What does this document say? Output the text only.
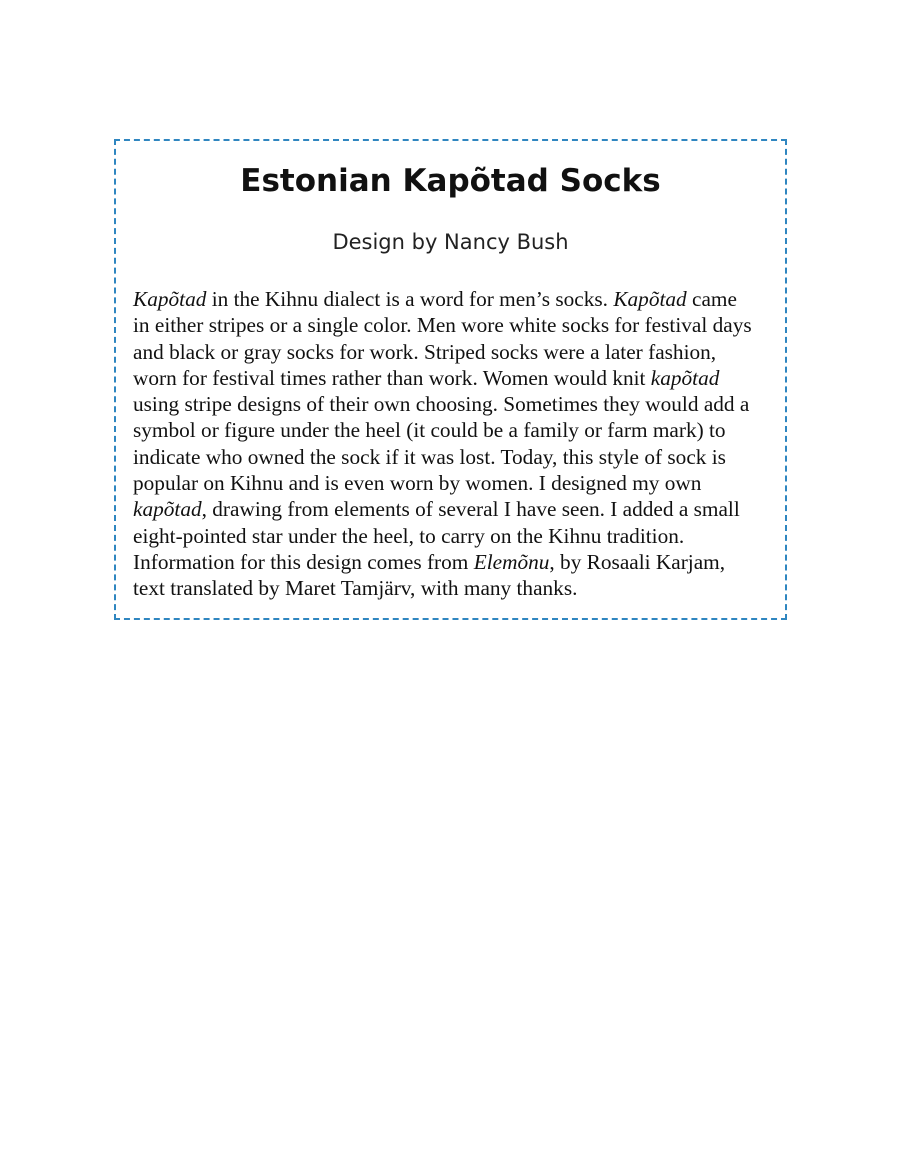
Estonian Kapõtad Socks
Design by Nancy Bush

Kapõtad in the Kihnu dialect is a word for men’s socks. Kapõtad came in either stripes or a single color. Men wore white socks for festival days and black or gray socks for work. Striped socks were a later fashion, worn for festival times rather than work. Women would knit kapõtad using stripe designs of their own choosing. Sometimes they would add a symbol or figure under the heel (it could be a family or farm mark) to indicate who owned the sock if it was lost. Today, this style of sock is popular on Kihnu and is even worn by women. I designed my own kapõtad, drawing from elements of several I have seen. I added a small eight-pointed star under the heel, to carry on the Kihnu tradition. Information for this design comes from Elemõnu, by Rosaali Karjam, text translated by Maret Tamjärv, with many thanks.
